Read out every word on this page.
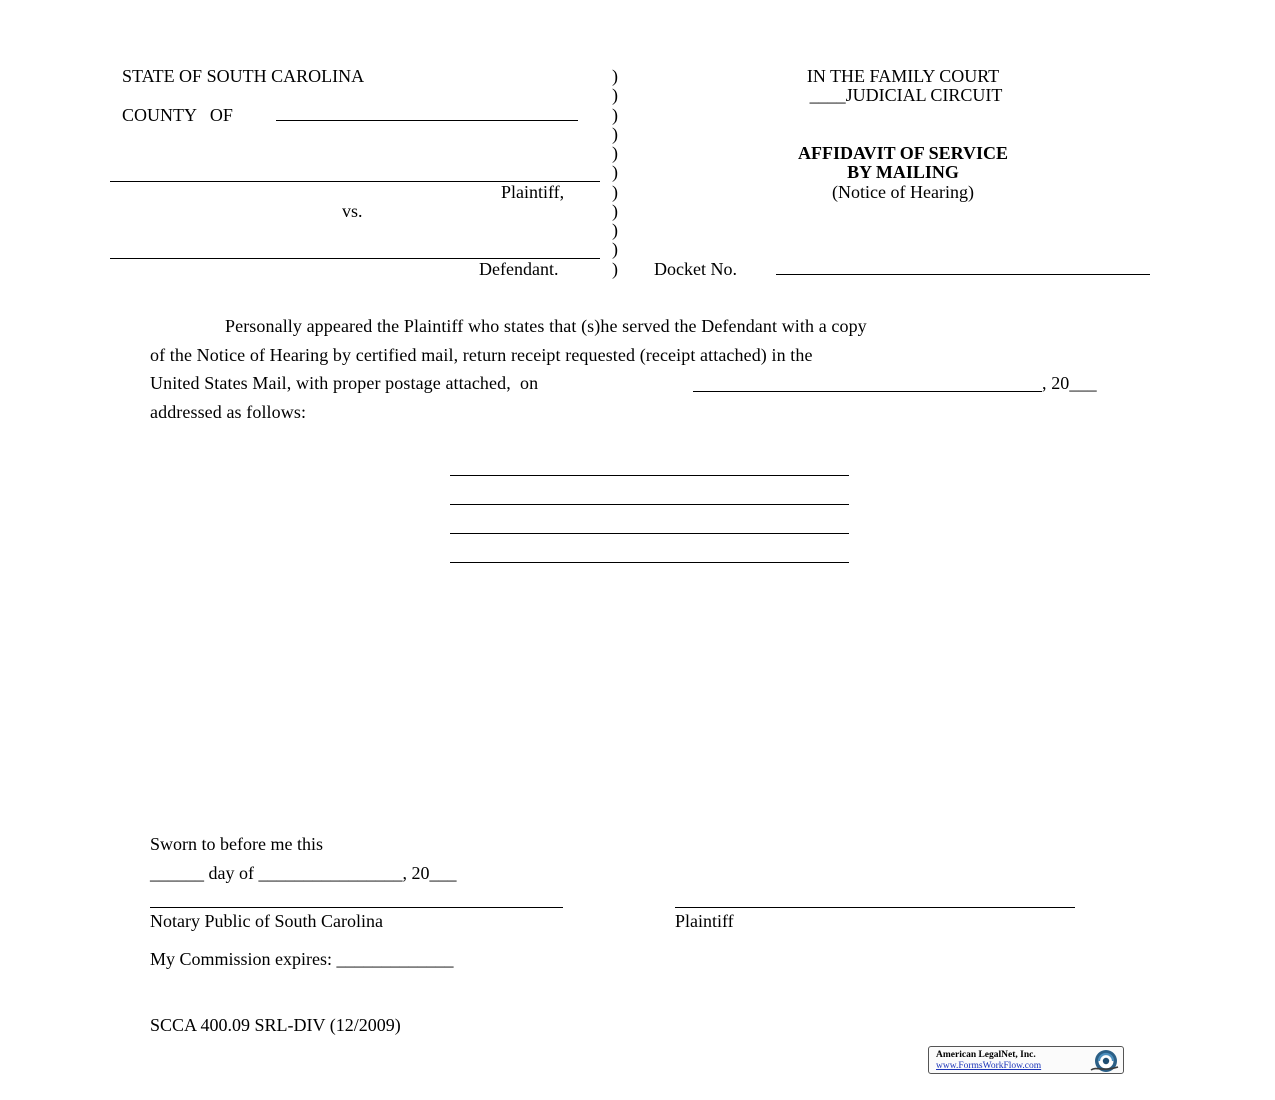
STATE OF SOUTH CAROLINA
COUNTY   OF
Plaintiff,
vs.
Defendant.
)
)
)
)
)
)
)
)
)
)
)
IN THE FAMILY COURT
____JUDICIAL CIRCUIT
AFFIDAVIT OF SERVICE
BY MAILING
(Notice of Hearing)
Docket No.
Personally appeared the Plaintiff who states that (s)he served the Defendant with a copy
of the Notice of Hearing by certified mail, return receipt requested (receipt attached) in the
United States Mail, with proper postage attached,  on	, 20___
addressed as follows:
Sworn to before me this
______ day of ________________, 20___
Notary Public of South Carolina	Plaintiff
My Commission expires: _____________
SCCA 400.09 SRL-DIV (12/2009)
American LegalNet, Inc.
www.FormsWorkFlow.com
